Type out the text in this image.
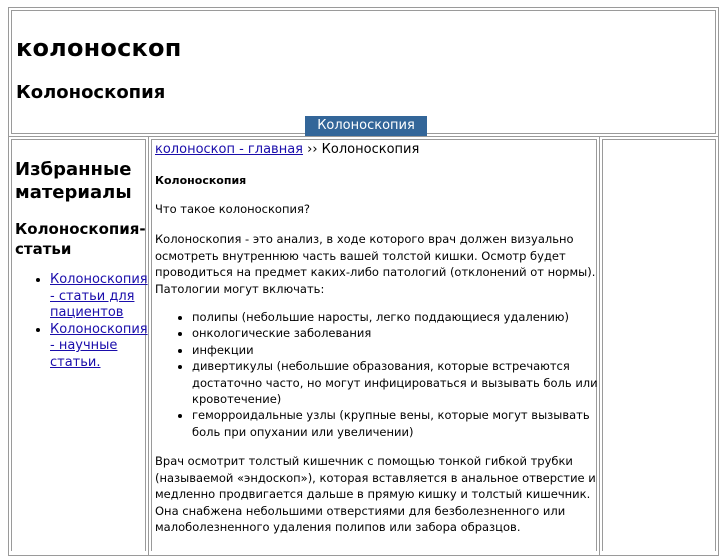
колоноскоп
Колоноскопия
Колоноскопия
Избранные материалы
Колоноскопия-статьи
• Колоноскопия - статьи для пациентов
• Колоноскопия - научные статьи.
колоноскоп - главная ›› Колоноскопия
Колоноскопия

Что такое колоноскопия?

Колоноскопия - это анализ, в ходе которого врач должен визуально осмотреть внутреннюю часть вашей толстой кишки. Осмотр будет проводиться на предмет каких-либо патологий (отклонений от нормы). Патологии могут включать:

• полипы (небольшие наросты, легко поддающиеся удалению)
• онкологические заболевания
• инфекции
• дивертикулы (небольшие образования, которые встречаются достаточно часто, но могут инфицироваться и вызывать боль или кровотечение)
• геморроидальные узлы (крупные вены, которые могут вызывать боль при опухании или увеличении)

Врач осмотрит толстый кишечник с помощью тонкой гибкой трубки (называемой «эндоскоп»), которая вставляется в анальное отверстие и медленно продвигается дальше в прямую кишку и толстый кишечник. Она снабжена небольшими отверстиями для безболезненного или малоболезненного удаления полипов или забора образцов.
